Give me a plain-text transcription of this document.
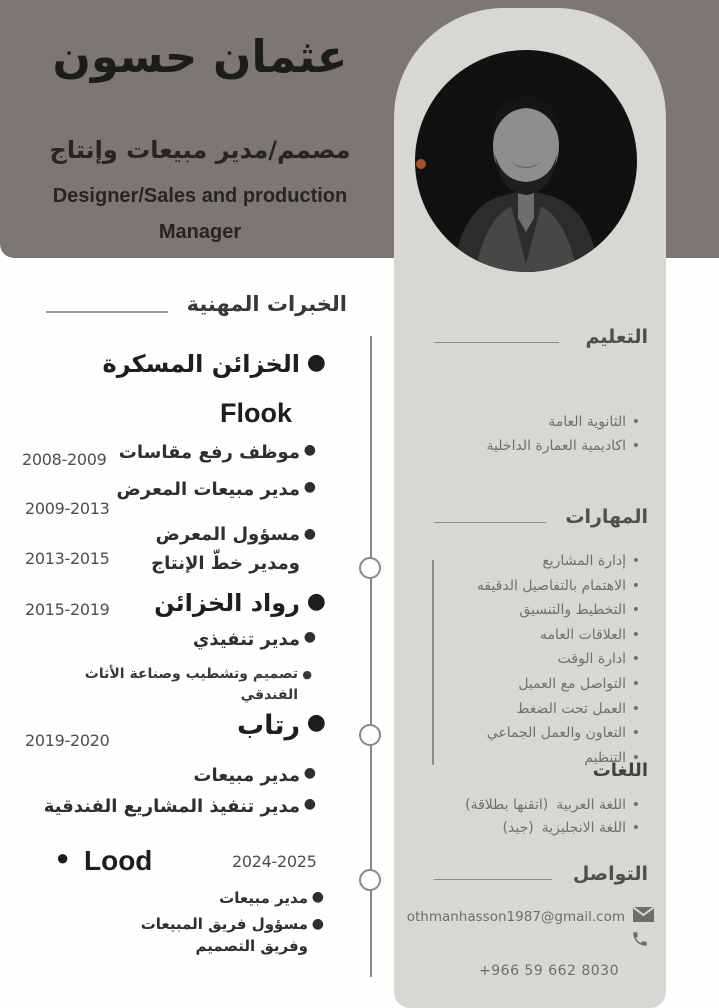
عثمان حسون
مصمم/مدير مبيعات وإنتاج
Designer/Sales and production Manager
التعليم
• الثانوية العامة
• اكاديمية العمارة الداخلية
المهارات
• إدارة المشاريع
• الاهتمام بالتفاصيل الدقيقه
• التخطيط والتنسيق
• العلاقات العامه
• ادارة الوقت
• التواصل مع العميل
• العمل تحت الضغط
• التعاون والعمل الجماعي
• التنظيم
اللغات
• اللغة العربية(اتقنها بطلاقة)
• اللغة الانجليزية(جيد)
التواصل
othmanhasson1987@gmail.com
+966 59 662 8030
الخبرات المهنية
●
الخزائن المسكرة
Flook
●
موظف رفع مقاسات
2008-2009
●
مدير مبيعات المعرض
2009-2013
●
مسؤول المعرض ومدير خطّ الإنتاج
2013-2015
●
رواد الخزائن
2015-2019
●
مدير تنفيذي
●
تصميم وتشطيب وصناعة الأثاث الفندقي
●
رتاب
2019-2020
●
مدير مبيعات
●
مدير تنفيذ المشاريع الفندقية
● Lood	2024-2025
●
مدير مبيعات
●
مسؤول فريق المبيعات وفريق التصميم
